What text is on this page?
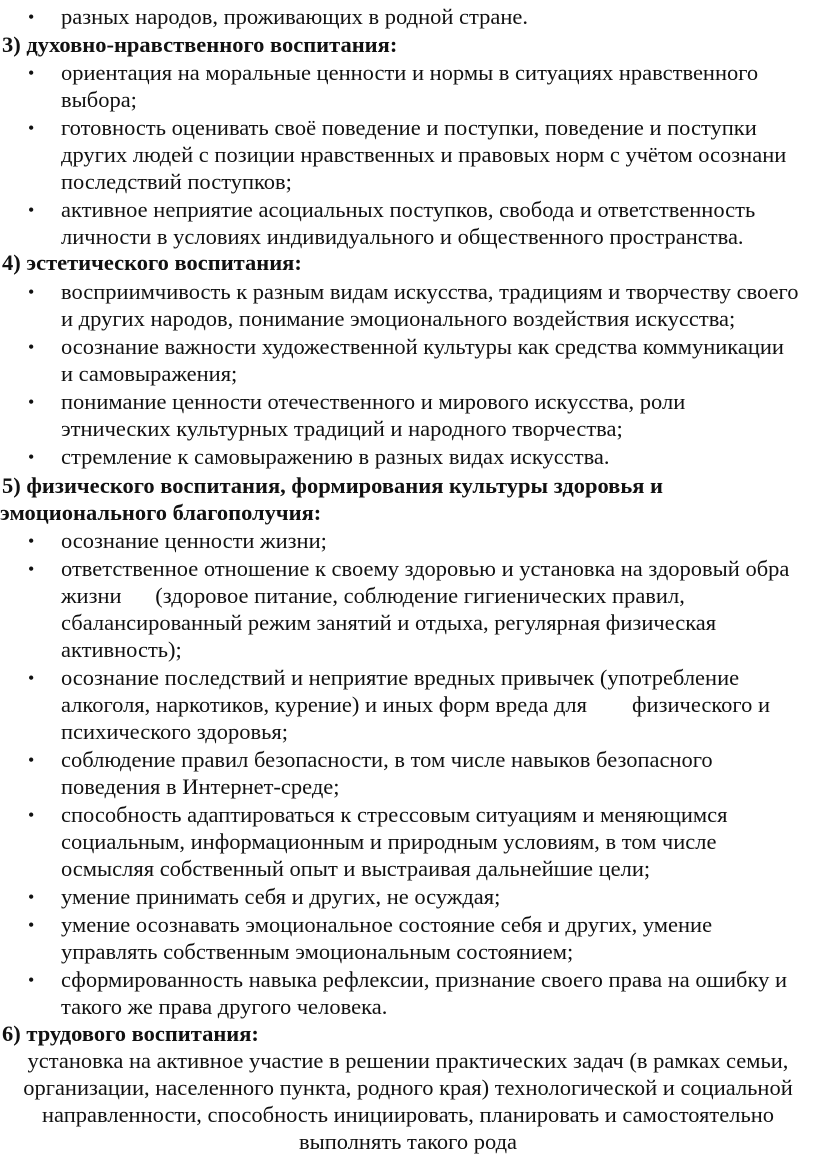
• разных народов, проживающих в родной стране.
3) духовно-нравственного воспитания:
• ориентация на моральные ценности и нормы в ситуациях нравственного
выбора;
• готовность оценивать своё поведение и поступки, поведение и поступки
других людей с позиции нравственных и правовых норм с учётом осознани
последствий поступков;
• активное неприятие асоциальных поступков, свобода и ответственность
личности в условиях индивидуального и общественного пространства.
4) эстетического воспитания:
• восприимчивость к разным видам искусства, традициям и творчеству своего
и других народов, понимание эмоционального воздействия искусства;
• осознание важности художественной культуры как средства коммуникации
и самовыражения;
• понимание ценности отечественного и мирового искусства, роли
этнических культурных традиций и народного творчества;
• стремление к самовыражению в разных видах искусства.
5) физического воспитания, формирования культуры здоровья и
эмоционального благополучия:
• осознание ценности жизни;
• ответственное отношение к своему здоровью и установка на здоровый обра
жизни      (здоровое питание, соблюдение гигиенических правил,
сбалансированный режим занятий и отдыха, регулярная физическая
активность);
• осознание последствий и неприятие вредных привычек (употребление
алкоголя, наркотиков, курение) и иных форм вреда для        физического и
психического здоровья;
• соблюдение правил безопасности, в том числе навыков безопасного
поведения в Интернет-среде;
• способность адаптироваться к стрессовым ситуациям и меняющимся
социальным, информационным и природным условиям, в том числе
осмысляя собственный опыт и выстраивая дальнейшие цели;
• умение принимать себя и других, не осуждая;
• умение осознавать эмоциональное состояние себя и других, умение
управлять собственным эмоциональным состоянием;
• сформированность навыка рефлексии, признание своего права на ошибку и
такого же права другого человека.
6) трудового воспитания:
установка на активное участие в решении практических задач (в рамках семьи,
организации, населенного пункта, родного края) технологической и социальной
направленности, способность инициировать, планировать и самостоятельно
выполнять такого рода
